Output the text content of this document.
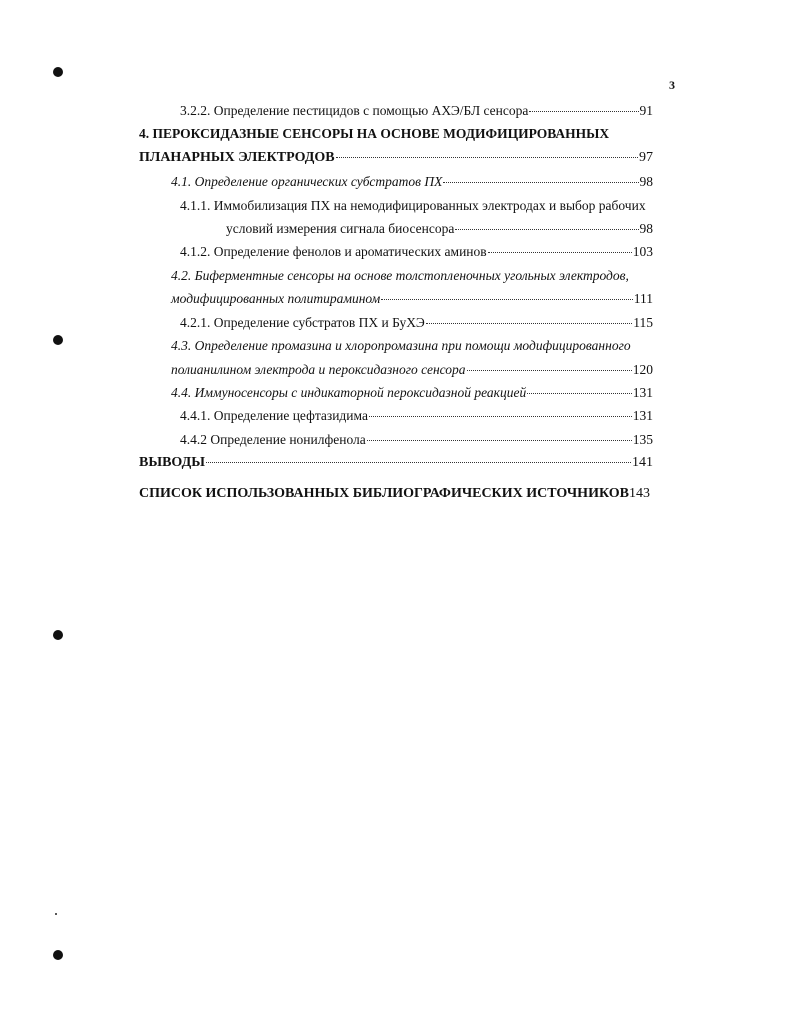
3
3.2.2. Определение пестицидов с помощью АХЭ/БЛ сенсора	91
4. ПЕРОКСИДАЗНЫЕ СЕНСОРЫ НА ОСНОВЕ МОДИФИЦИРОВАННЫХ
ПЛАНАРНЫХ ЭЛЕКТРОДОВ	97
4.1. Определение органических субстратов ПХ	98
4.1.1. Иммобилизация ПХ на немодифицированных электродах и выбор рабочих
условий измерения сигнала биосенсора	98
4.1.2. Определение фенолов и ароматических аминов	103
4.2. Биферментные сенсоры на основе толстопленочных угольных электродов,
модифицированных политирамином	111
4.2.1. Определение субстратов ПХ и БуХЭ	115
4.3. Определение промазина и хлоропромазина при помощи модифицированного
полианилином электрода и пероксидазного сенсора	120
4.4. Иммуносенсоры с индикаторной пероксидазной реакцией	131
4.4.1. Определение цефтазидима	131
4.4.2 Определение нонилфенола	135
ВЫВОДЫ	141
СПИСОК ИСПОЛЬЗОВАННЫХ БИБЛИОГРАФИЧЕСКИХ ИСТОЧНИКОВ143
